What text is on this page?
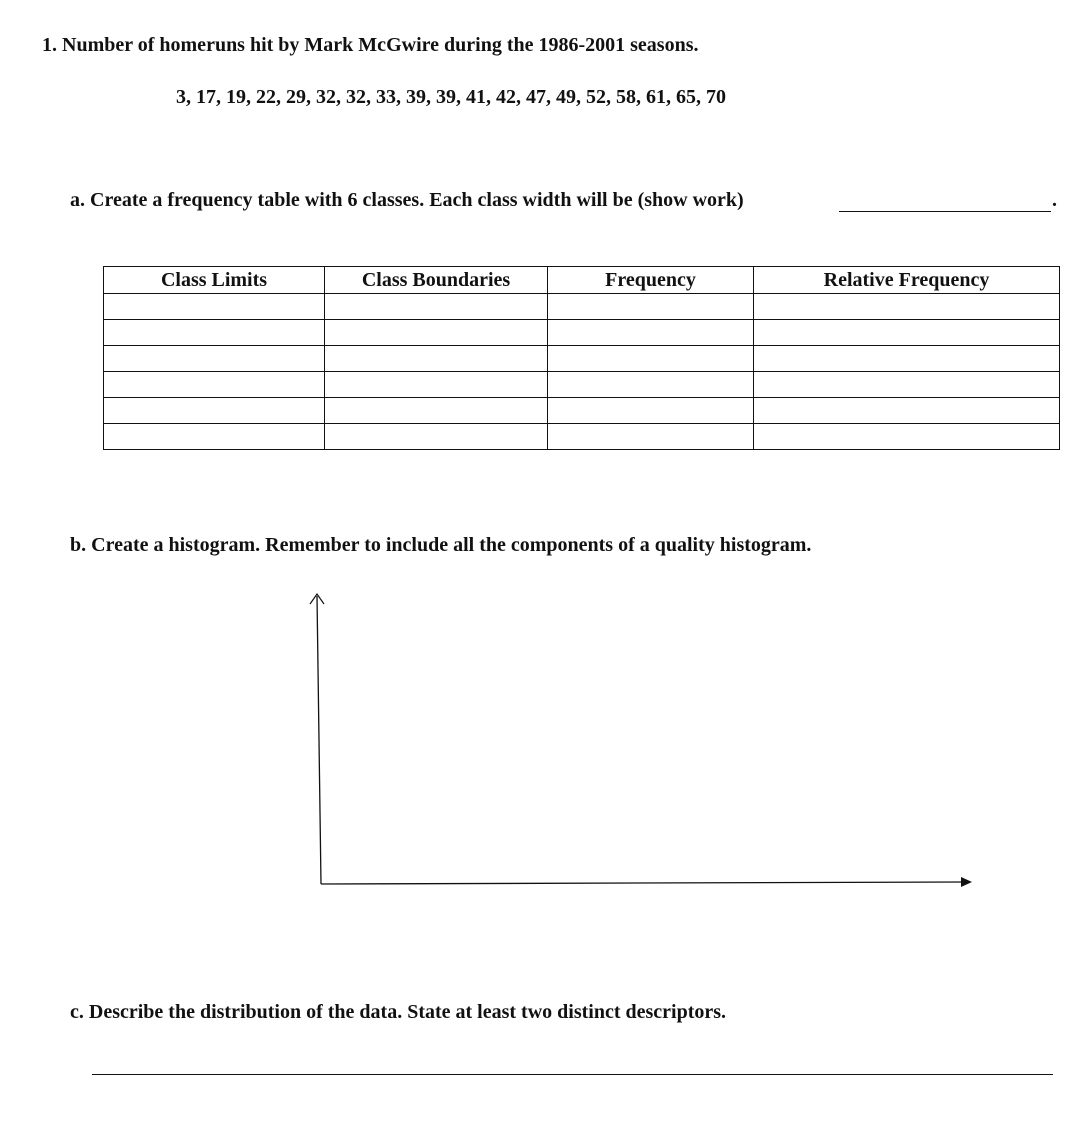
1. Number of homeruns hit by Mark McGwire during the 1986-2001 seasons.
3, 17, 19, 22, 29, 32, 32, 33, 39, 39, 41, 42, 47, 49, 52, 58, 61, 65, 70
a. Create a frequency table with 6 classes. Each class width will be (show work)	.
Class Limits	Class Boundaries	Frequency	Relative Frequency

b. Create a histogram. Remember to include all the components of a quality histogram.
c. Describe the distribution of the data. State at least two distinct descriptors.
